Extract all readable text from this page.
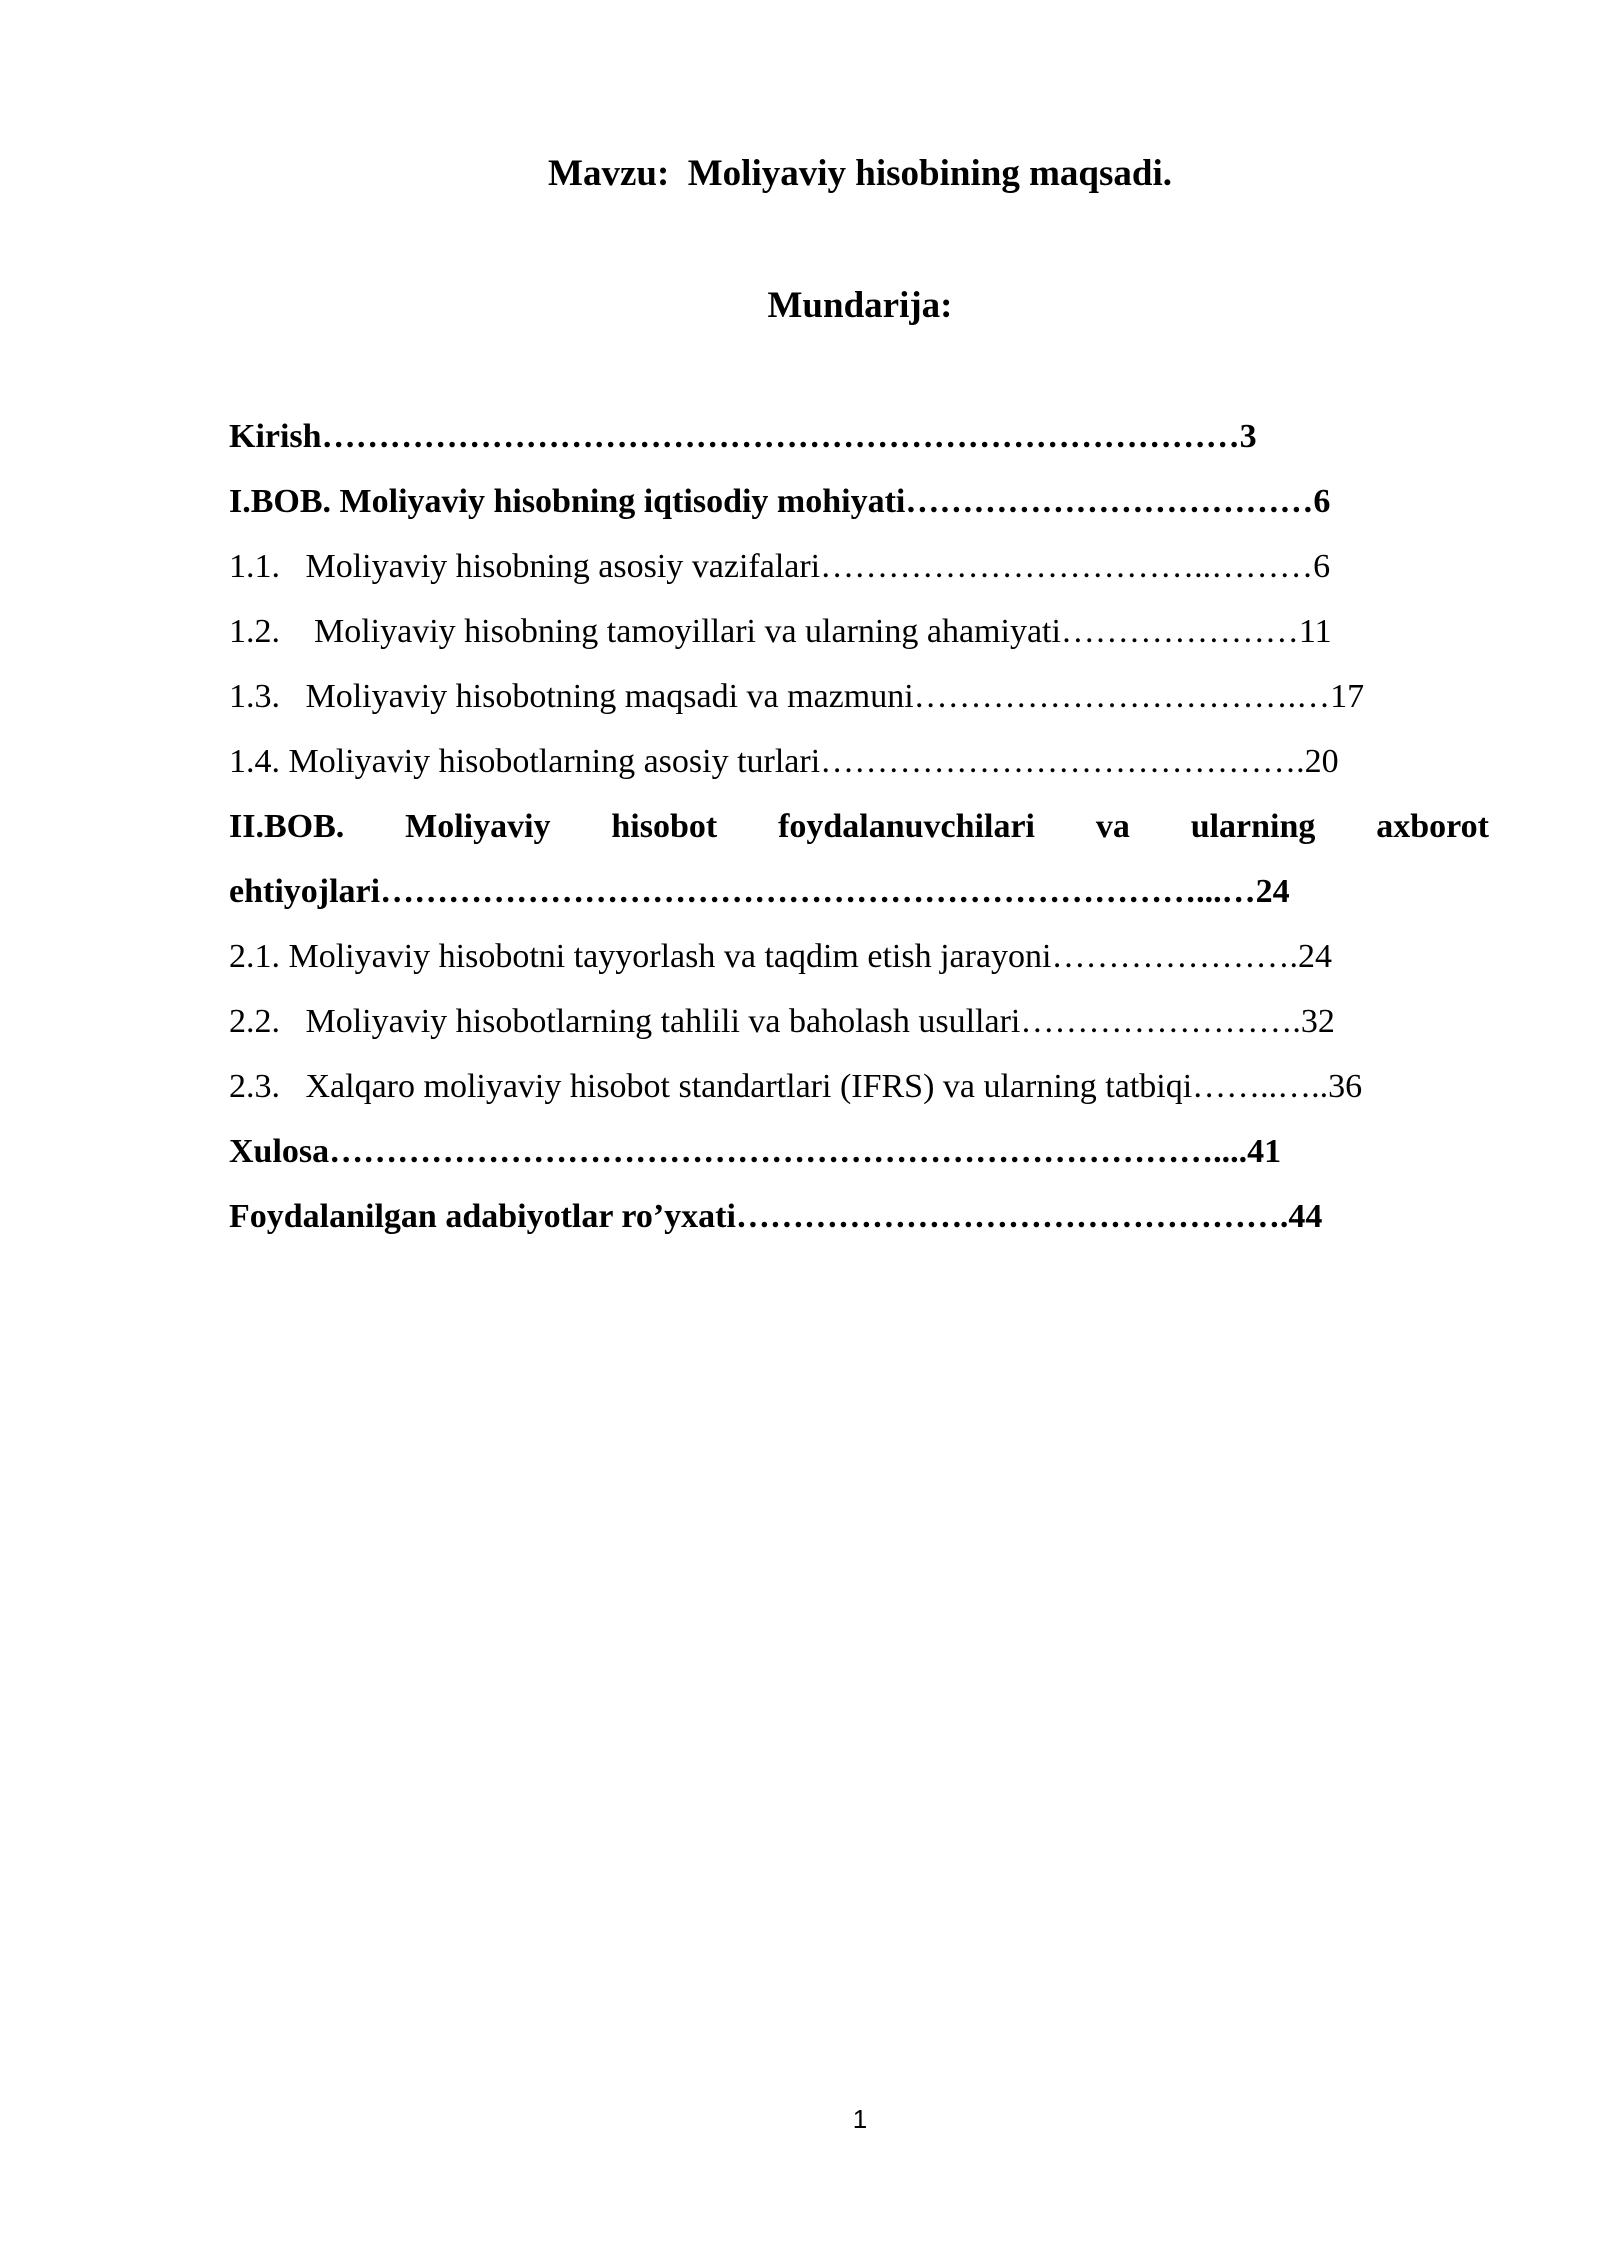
Mavzu:  Moliyaviy hisobining maqsadi.
Mundarija:
Kirish………………………………………………………………………3
I.BOB. Moliyaviy hisobning iqtisodiy mohiyati………………………………6
1.1.   Moliyaviy hisobning asosiy vazifalari……………………………..………6
1.2.    Moliyaviy hisobning tamoyillari va ularning ahamiyati…………………11
1.3.   Moliyaviy hisobotning maqsadi va mazmuni…………………………….…17
1.4. Moliyaviy hisobotlarning asosiy turlari…………………………………….20
II.BOB. Moliyaviy hisobot foydalanuvchilari va ularning axborot
ehtiyojlari………………………………………………………………...…24
2.1. Moliyaviy hisobotni tayyorlash va taqdim etish jarayoni………………….24
2.2.   Moliyaviy hisobotlarning tahlili va baholash usullari…………………….32
2.3.   Xalqaro moliyaviy hisobot standartlari (IFRS) va ularning tatbiqi……..…..36
Xulosa……………………………………………………………………....41
Foydalanilgan adabiyotlar ro’yxati………………………………………….44
1
